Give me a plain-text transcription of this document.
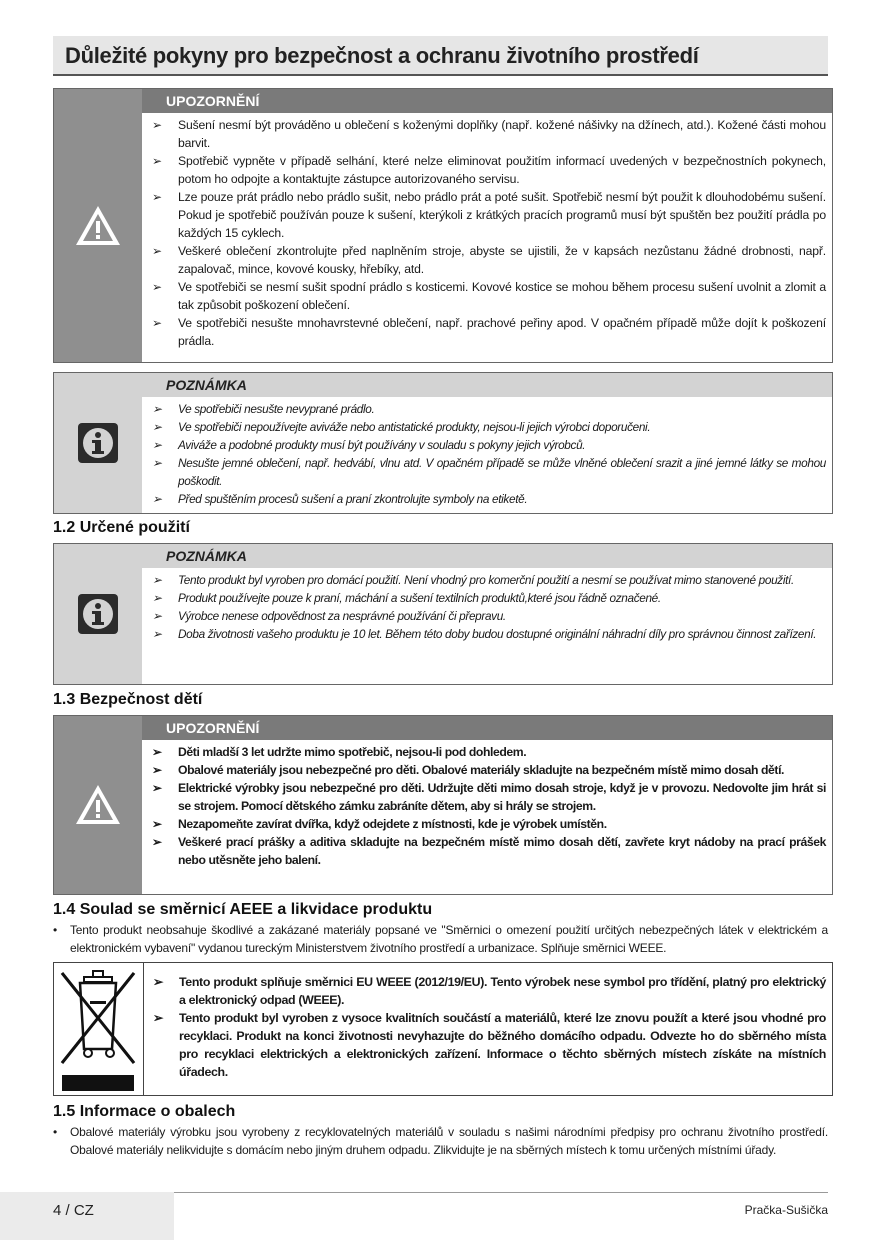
Důležité pokyny pro bezpečnost a ochranu životního prostředí
UPOZORNĚNÍ
➢ Sušení nesmí být prováděno u oblečení s koženými doplňky (např. kožené nášivky na džínech, atd.). Kožené části mohou barvit.
➢ Spotřebič vypněte v případě selhání, které nelze eliminovat použitím informací uvedených v bezpečnostních pokynech, potom ho odpojte a kontaktujte zástupce autorizovaného servisu.
➢ Lze pouze prát prádlo nebo prádlo sušit, nebo prádlo prát a poté sušit. Spotřebič nesmí být použit k dlouhodobému sušení. Pokud je spotřebič používán pouze k sušení, kterýkoli z krátkých pracích programů musí být spuštěn bez použití prádla po každých 15 cyklech.
➢ Veškeré oblečení zkontrolujte před naplněním stroje, abyste se ujistili, že v kapsách nezůstanu žádné drobnosti, např. zapalovač, mince, kovové kousky, hřebíky, atd.
➢ Ve spotřebiči se nesmí sušit spodní prádlo s kosticemi. Kovové kostice se mohou během procesu sušení uvolnit a zlomit a tak způsobit poškození oblečení.
➢ Ve spotřebiči nesušte mnohavrstevné oblečení, např. prachové peřiny apod. V opačném případě může dojít k poškození prádla.
POZNÁMKA
➢ Ve spotřebiči nesušte nevyprané prádlo.
➢ Ve spotřebiči nepoužívejte aviváže nebo antistatické produkty, nejsou-li jejich výrobci doporučeni.
➢ Aviváže a podobné produkty musí být používány v souladu s pokyny jejich výrobců.
➢ Nesušte jemné oblečení, např. hedvábí, vlnu atd. V opačném případě se může vlněné oblečení srazit a jiné jemné látky se mohou poškodit.
➢ Před spuštěním procesů sušení a praní zkontrolujte symboly na etiketě.
1.2 Určené použití
POZNÁMKA
➢ Tento produkt byl vyroben pro domácí použití. Není vhodný pro komerční použití a nesmí se používat mimo stanovené použití.
➢ Produkt používejte pouze k praní, máchání a sušení textilních produktů,které jsou řádně označené.
➢ Výrobce nenese odpovědnost za nesprávné používání či přepravu.
➢ Doba životnosti vašeho produktu je 10 let. Během této doby budou dostupné originální náhradní díly pro správnou činnost zařízení.
1.3 Bezpečnost dětí
UPOZORNĚNÍ
➢ Děti mladší 3 let udržte mimo spotřebič, nejsou-li pod dohledem.
➢ Obalové materiály jsou nebezpečné pro děti. Obalové materiály skladujte na bezpečném místě mimo dosah dětí.
➢ Elektrické výrobky jsou nebezpečné pro děti. Udržujte děti mimo dosah stroje, když je v provozu. Nedovolte jim hrát si se strojem. Pomocí dětského zámku zabráníte dětem, aby si hrály se strojem.
➢ Nezapomeňte zavírat dvířka, když odejdete z místnosti, kde je výrobek umístěn.
➢ Veškeré prací prášky a aditiva skladujte na bezpečném místě mimo dosah dětí, zavřete kryt nádoby na prací prášek nebo utěsněte jeho balení.
1.4 Soulad se směrnicí AEEE a likvidace produktu
•	Tento produkt neobsahuje škodlivé a zakázané materiály popsané ve "Směrnici o omezení použití určitých nebezpečných látek v elektrickém a elektronickém vybavení" vydanou tureckým Ministerstvem životního prostředí a urbanizace. Splňuje směrnici WEEE.
➢ Tento produkt splňuje směrnici EU WEEE (2012/19/EU). Tento výrobek nese symbol pro třídění, platný pro elektrický a elektronický odpad (WEEE).
➢ Tento produkt byl vyroben z vysoce kvalitních součástí a materiálů, které lze znovu použít a které jsou vhodné pro recyklaci. Produkt na konci životnosti nevyhazujte do běžného domácího odpadu. Odvezte ho do sběrného místa pro recyklaci elektrických a elektronických zařízení. Informace o těchto sběrných místech získáte na místních úřadech.
1.5 Informace o obalech
•	Obalové materiály výrobku jsou vyrobeny z recyklovatelných materiálů v souladu s našimi národními předpisy pro ochranu životního prostředí. Obalové materiály nelikvidujte s domácím nebo jiným druhem odpadu. Zlikvidujte je na sběrných místech k tomu určených místními úřady.
4 / CZ	Pračka-Sušička
